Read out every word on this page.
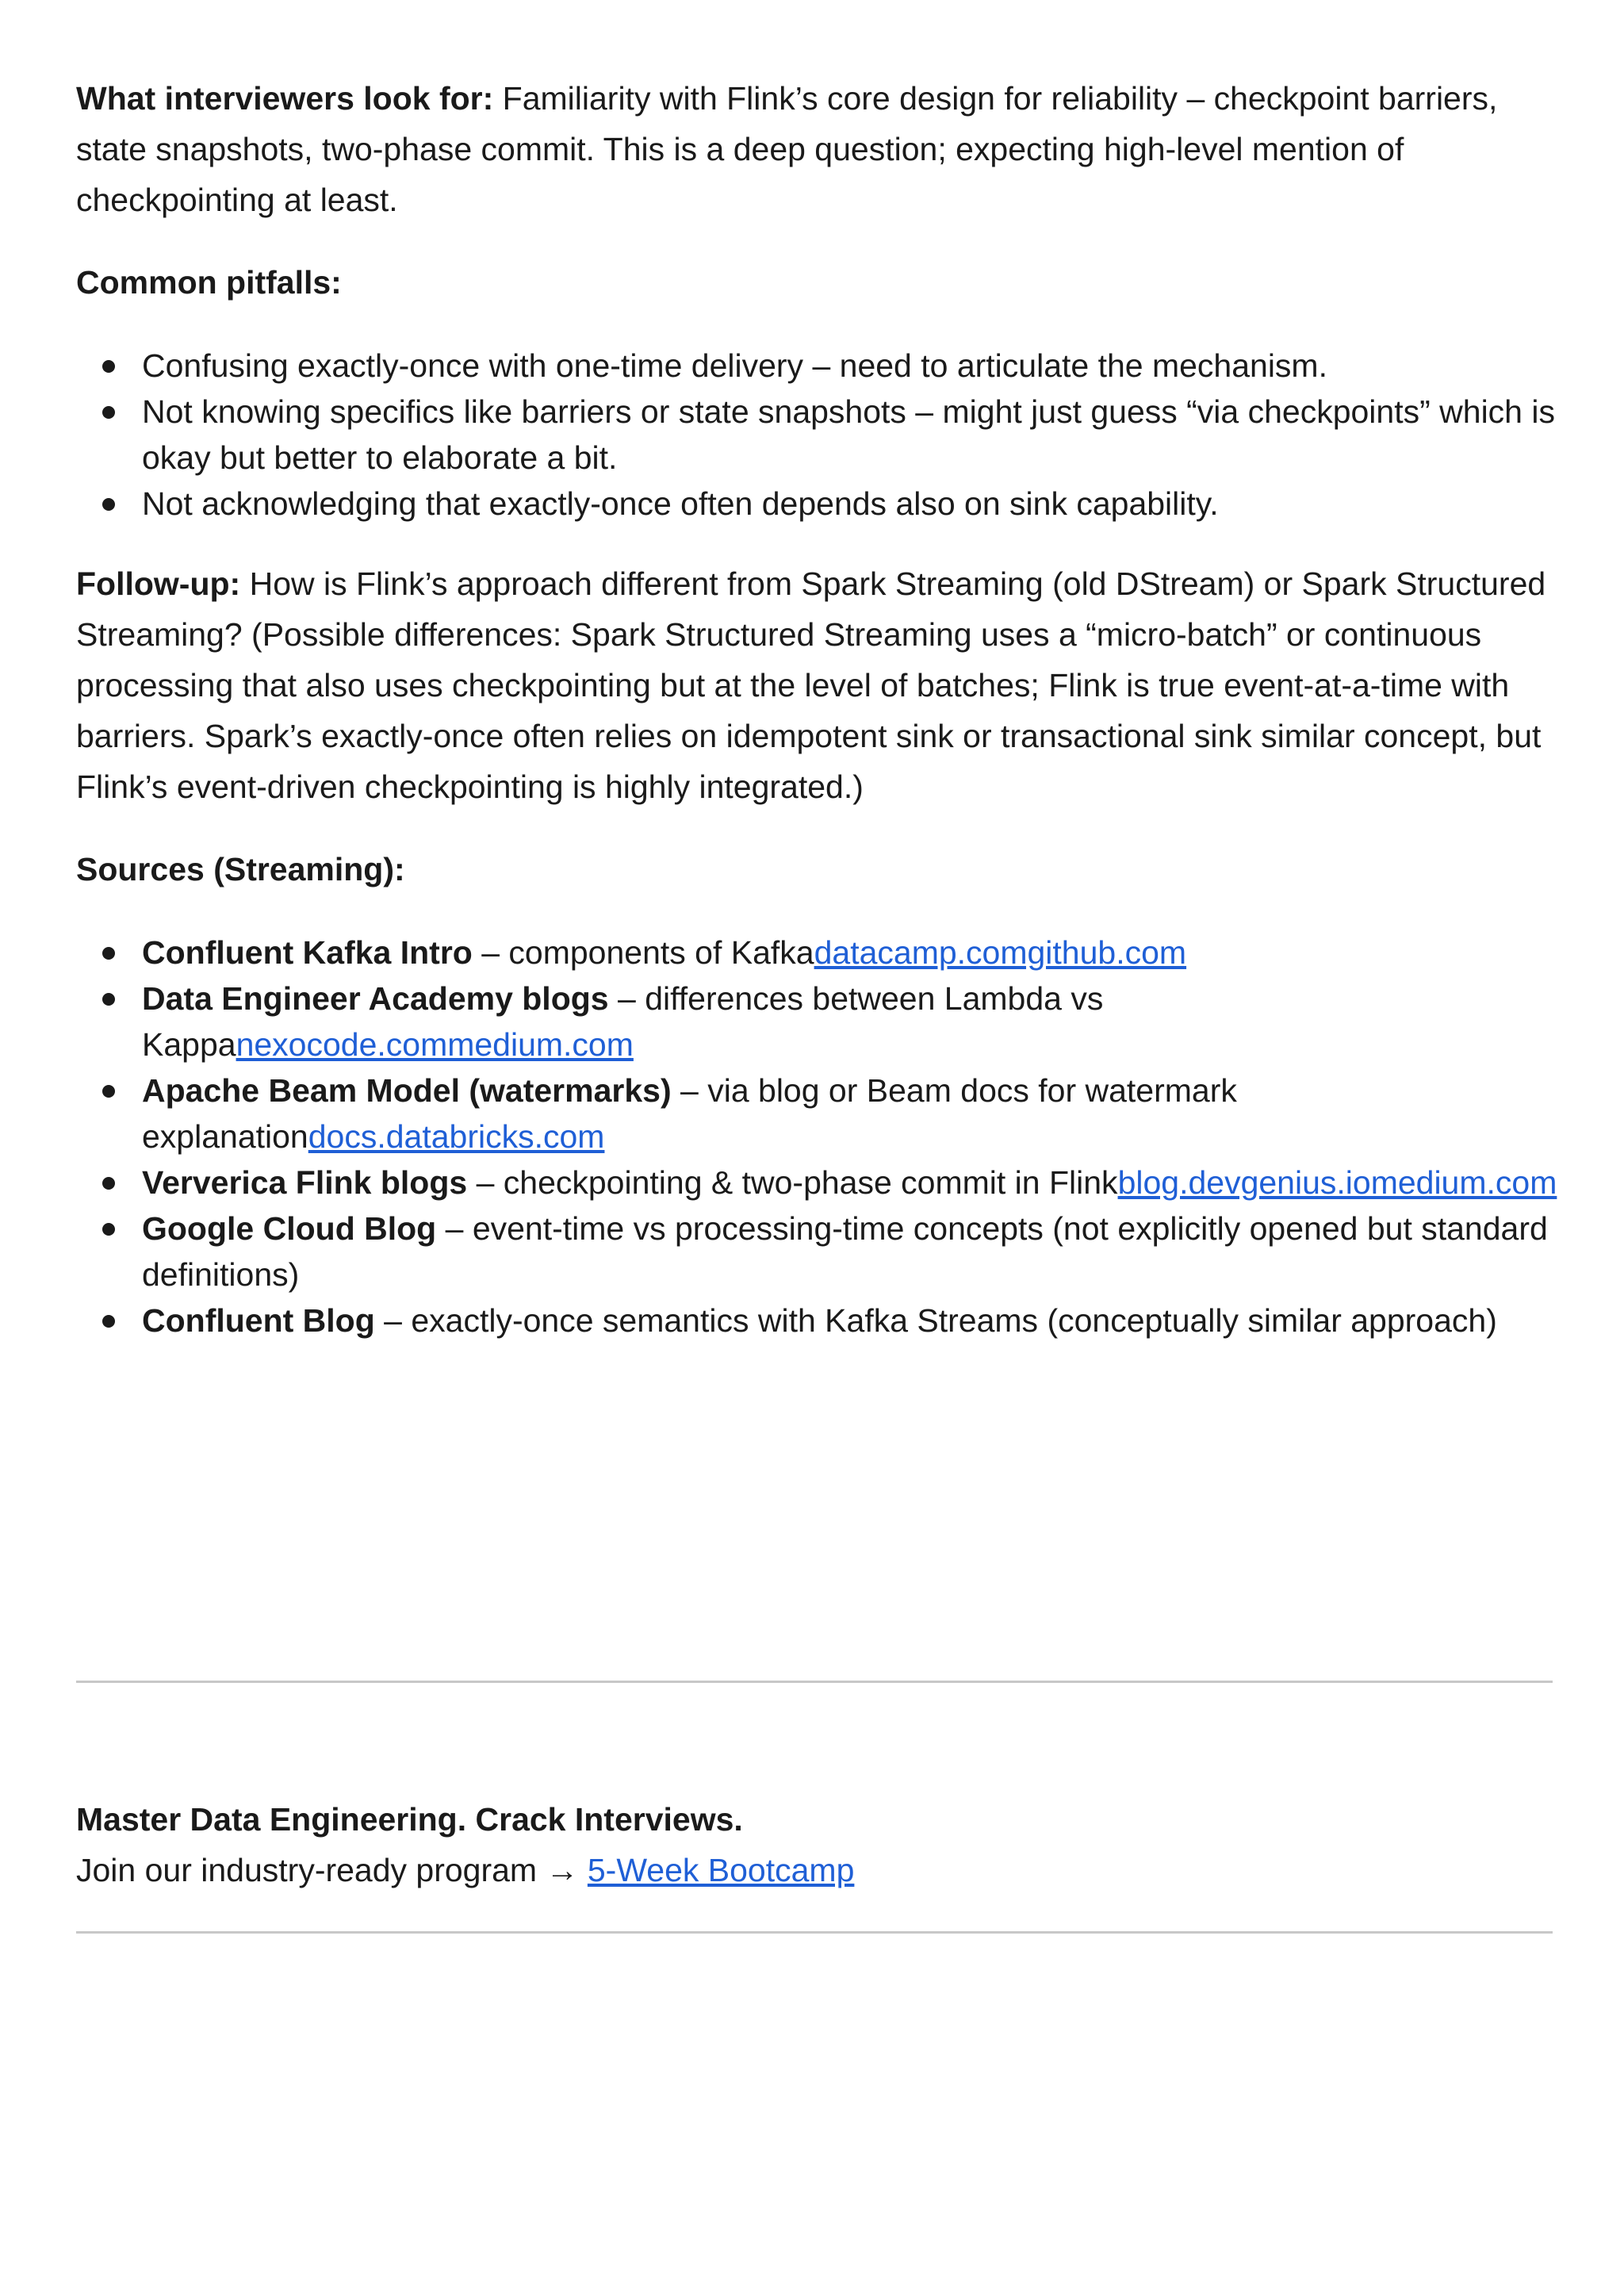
What interviewers look for: Familiarity with Flink’s core design for reliability – checkpoint barriers, state snapshots, two-phase commit. This is a deep question; expecting high-level mention of checkpointing at least.

Common pitfalls:

Confusing exactly-once with one-time delivery – need to articulate the mechanism.
Not knowing specifics like barriers or state snapshots – might just guess “via checkpoints” which is okay but better to elaborate a bit.
Not acknowledging that exactly-once often depends also on sink capability.

Follow-up: How is Flink’s approach different from Spark Streaming (old DStream) or Spark Structured Streaming? (Possible differences: Spark Structured Streaming uses a “micro-batch” or continuous processing that also uses checkpointing but at the level of batches; Flink is true event-at-a-time with barriers. Spark’s exactly-once often relies on idempotent sink or transactional sink similar concept, but Flink’s event-driven checkpointing is highly integrated.)

Sources (Streaming):

Confluent Kafka Intro – components of Kafkadatacamp.comgithub.com
Data Engineer Academy blogs – differences between Lambda vs Kappanexocode.commedium.com
Apache Beam Model (watermarks) – via blog or Beam docs for watermark explanationdocs.databricks.com
Ververica Flink blogs – checkpointing & two-phase commit in Flinkblog.devgenius.iomedium.com
Google Cloud Blog – event-time vs processing-time concepts (not explicitly opened but standard definitions)
Confluent Blog – exactly-once semantics with Kafka Streams (conceptually similar approach)

Master Data Engineering. Crack Interviews.

Join our industry-ready program → 5-Week Bootcamp
